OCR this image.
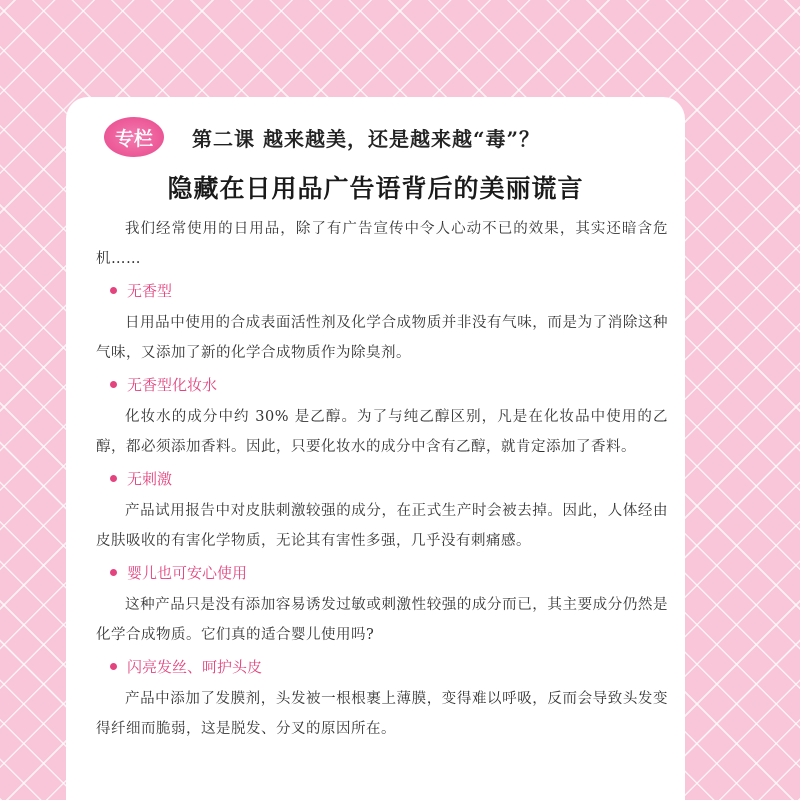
专栏	第二课 越来越美，还是越来越“毒”？
隐藏在日用品广告语背后的美丽谎言

我们经常使用的日用品，除了有广告宣传中令人心动不已的效果，其实还暗含危机……

无香型

日用品中使用的合成表面活性剂及化学合成物质并非没有气味，而是为了消除这种气味，又添加了新的化学合成物质作为除臭剂。

无香型化妆水

化妆水的成分中约 30% 是乙醇。为了与纯乙醇区别，凡是在化妆品中使用的乙醇，都必须添加香料。因此，只要化妆水的成分中含有乙醇，就肯定添加了香料。

无刺激

产品试用报告中对皮肤刺激较强的成分，在正式生产时会被去掉。因此，人体经由皮肤吸收的有害化学物质，无论其有害性多强，几乎没有刺痛感。

婴儿也可安心使用

这种产品只是没有添加容易诱发过敏或刺激性较强的成分而已，其主要成分仍然是化学合成物质。它们真的适合婴儿使用吗?

闪亮发丝、呵护头皮

产品中添加了发膜剂，头发被一根根裹上薄膜，变得难以呼吸，反而会导致头发变得纤细而脆弱，这是脱发、分叉的原因所在。
